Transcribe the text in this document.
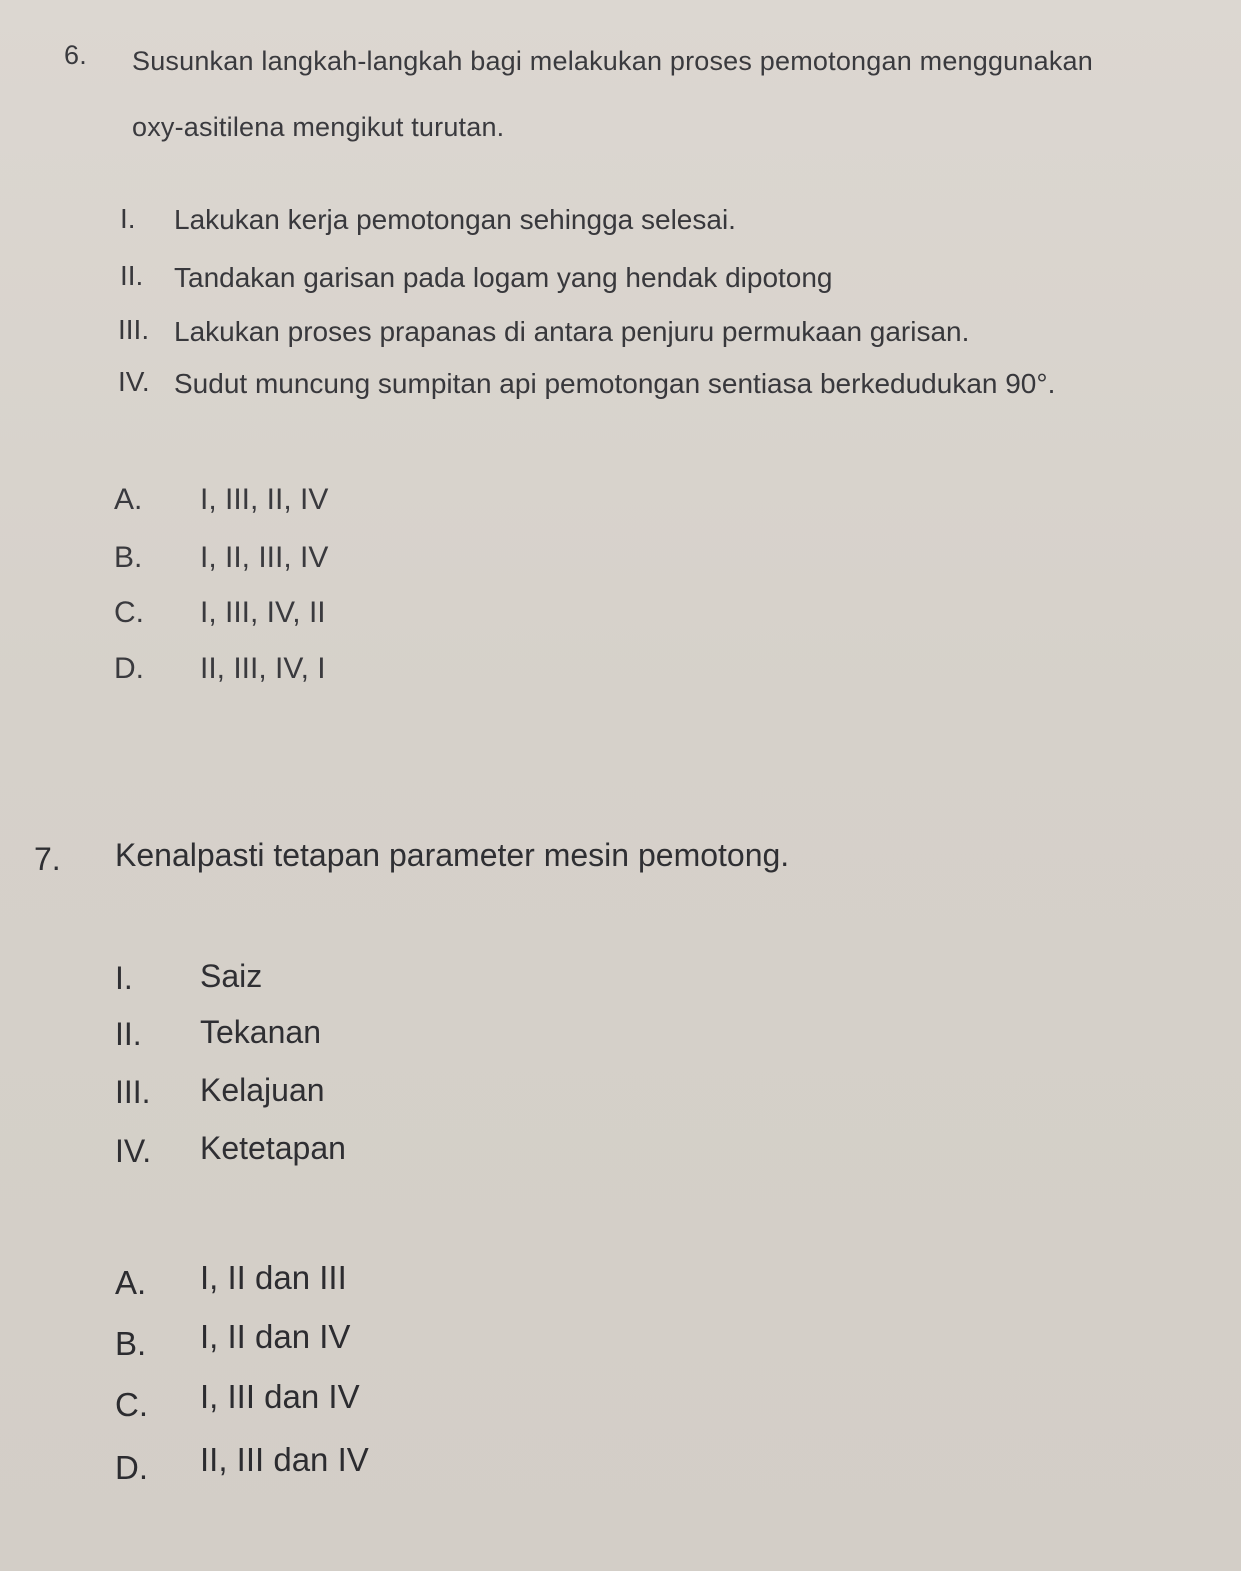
6. Susunkan langkah-langkah bagi melakukan proses pemotongan menggunakan
oxy-asitilena mengikut turutan.
I. Lakukan kerja pemotongan sehingga selesai.
II. Tandakan garisan pada logam yang hendak dipotong
III. Lakukan proses prapanas di antara penjuru permukaan garisan.
IV. Sudut muncung sumpitan api pemotongan sentiasa berkedudukan 90°.
A. I, III, II, IV
B. I, II, III, IV
C. I, III, IV, II
D. II, III, IV, I
7. Kenalpasti tetapan parameter mesin pemotong.
I. Saiz
II. Tekanan
III. Kelajuan
IV. Ketetapan
A. I, II dan III
B. I, II dan IV
C. I, III dan IV
D. II, III dan IV
